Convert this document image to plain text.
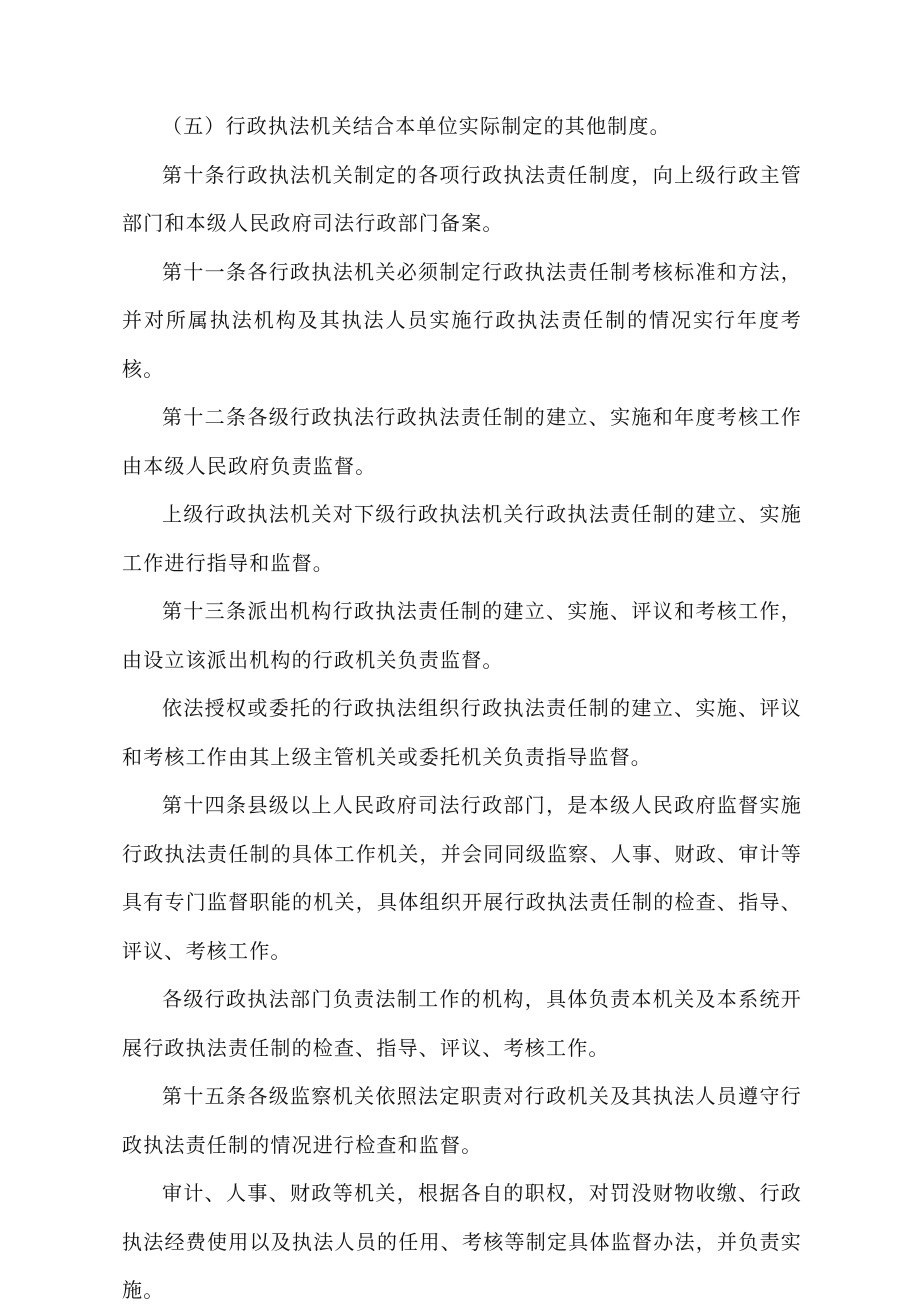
（五）行政执法机关结合本单位实际制定的其他制度。

第十条行政执法机关制定的各项行政执法责任制度，向上级行政主管部门和本级人民政府司法行政部门备案。

第十一条各行政执法机关必须制定行政执法责任制考核标准和方法，并对所属执法机构及其执法人员实施行政执法责任制的情况实行年度考核。

第十二条各级行政执法行政执法责任制的建立、实施和年度考核工作由本级人民政府负责监督。

上级行政执法机关对下级行政执法机关行政执法责任制的建立、实施工作进行指导和监督。

第十三条派出机构行政执法责任制的建立、实施、评议和考核工作，由设立该派出机构的行政机关负责监督。

依法授权或委托的行政执法组织行政执法责任制的建立、实施、评议和考核工作由其上级主管机关或委托机关负责指导监督。

第十四条县级以上人民政府司法行政部门，是本级人民政府监督实施行政执法责任制的具体工作机关，并会同同级监察、人事、财政、审计等具有专门监督职能的机关，具体组织开展行政执法责任制的检查、指导、评议、考核工作。

各级行政执法部门负责法制工作的机构，具体负责本机关及本系统开展行政执法责任制的检查、指导、评议、考核工作。

第十五条各级监察机关依照法定职责对行政机关及其执法人员遵守行政执法责任制的情况进行检查和监督。

审计、人事、财政等机关，根据各自的职权，对罚没财物收缴、行政执法经费使用以及执法人员的任用、考核等制定具体监督办法，并负责实施。
